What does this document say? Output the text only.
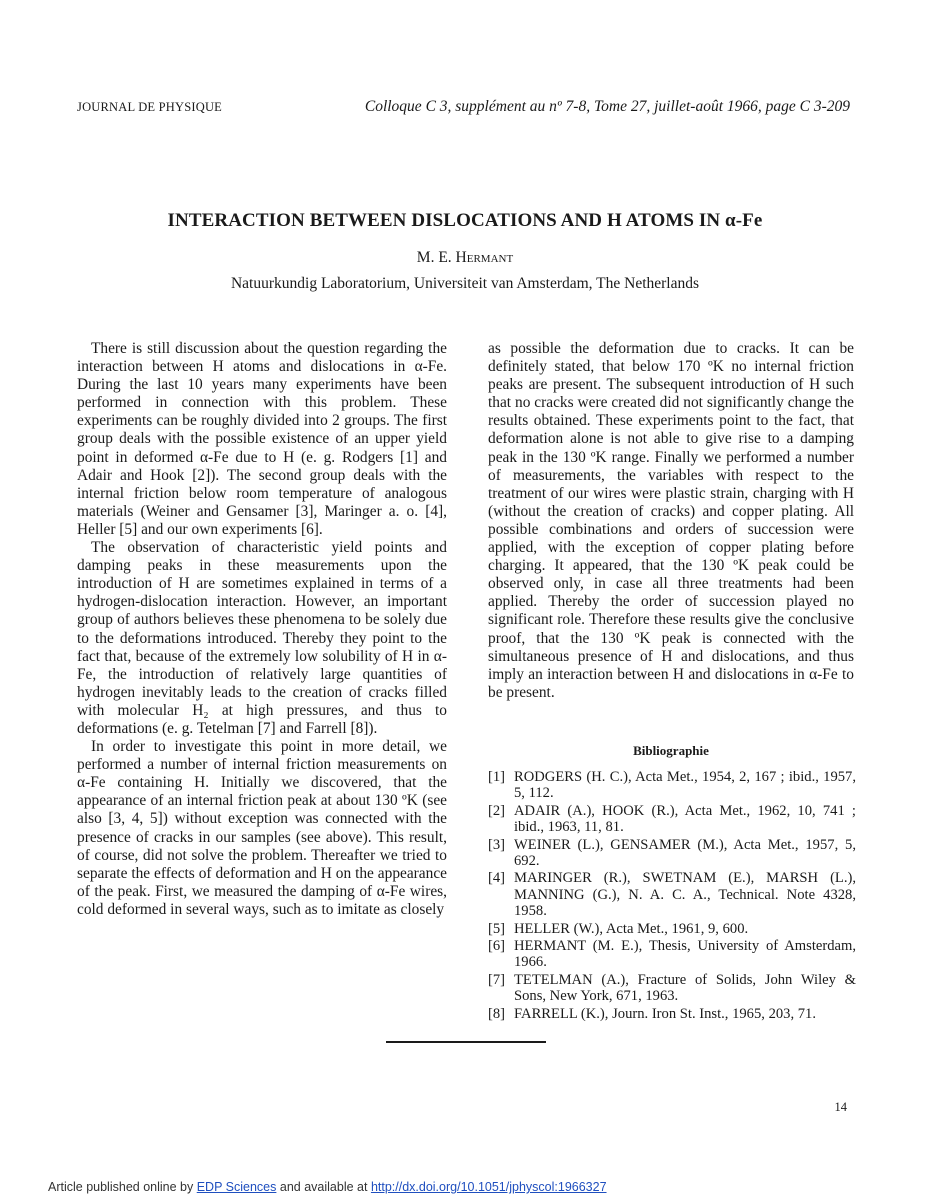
JOURNAL DE PHYSIQUE	Colloque C 3, supplément au nº 7-8, Tome 27, juillet-août 1966, page C 3-209
INTERACTION BETWEEN DISLOCATIONS AND H ATOMS IN α-Fe
M. E. Hermant
Natuurkundig Laboratorium, Universiteit van Amsterdam, The Netherlands

There is still discussion about the question regarding the interaction between H atoms and dislocations in α-Fe. During the last 10 years many experiments have been performed in connection with this problem. These experiments can be roughly divided into 2 groups. The first group deals with the possible existence of an upper yield point in deformed α-Fe due to H (e. g. Rodgers [1] and Adair and Hook [2]). The second group deals with the internal friction below room temperature of analogous materials (Weiner and Gensamer [3], Maringer a. o. [4], Heller [5] and our own experiments [6].

The observation of characteristic yield points and damping peaks in these measurements upon the introduction of H are sometimes explained in terms of a hydrogen-dislocation interaction. However, an important group of authors believes these phenomena to be solely due to the deformations introduced. Thereby they point to the fact that, because of the extremely low solubility of H in α-Fe, the introduction of relatively large quantities of hydrogen inevitably leads to the creation of cracks filled with molecular H₂ at high pressures, and thus to deformations (e. g. Tetelman [7] and Farrell [8]).

In order to investigate this point in more detail, we performed a number of internal friction measurements on α-Fe containing H. Initially we discovered, that the appearance of an internal friction peak at about 130 ºK (see also [3, 4, 5]) without exception was connected with the presence of cracks in our samples (see above). This result, of course, did not solve the problem. Thereafter we tried to separate the effects of deformation and H on the appearance of the peak. First, we measured the damping of α-Fe wires, cold deformed in several ways, such as to imitate as closely

as possible the deformation due to cracks. It can be definitely stated, that below 170 ºK no internal friction peaks are present. The subsequent introduction of H such that no cracks were created did not significantly change the results obtained. These experiments point to the fact, that deformation alone is not able to give rise to a damping peak in the 130 ºK range. Finally we performed a number of measurements, the variables with respect to the treatment of our wires were plastic strain, charging with H (without the creation of cracks) and copper plating. All possible combinations and orders of succession were applied, with the exception of copper plating before charging. It appeared, that the 130 ºK peak could be observed only, in case all three treatments had been applied. Thereby the order of succession played no significant role. Therefore these results give the conclusive proof, that the 130 ºK peak is connected with the simultaneous presence of H and dislocations, and thus imply an interaction between H and dislocations in α-Fe to be present.

Bibliographie
[1] RODGERS (H. C.), Acta Met., 1954, 2, 167 ; ibid., 1957, 5, 112.
[2] ADAIR (A.), HOOK (R.), Acta Met., 1962, 10, 741 ; ibid., 1963, 11, 81.
[3] WEINER (L.), GENSAMER (M.), Acta Met., 1957, 5, 692.
[4] MARINGER (R.), SWETNAM (E.), MARSH (L.), MANNING (G.), N. A. C. A., Technical. Note 4328, 1958.
[5] HELLER (W.), Acta Met., 1961, 9, 600.
[6] HERMANT (M. E.), Thesis, University of Amsterdam, 1966.
[7] TETELMAN (A.), Fracture of Solids, John Wiley & Sons, New York, 671, 1963.
[8] FARRELL (K.), Journ. Iron St. Inst., 1965, 203, 71.
14
Article published online by EDP Sciences and available at http://dx.doi.org/10.1051/jphyscol:1966327
